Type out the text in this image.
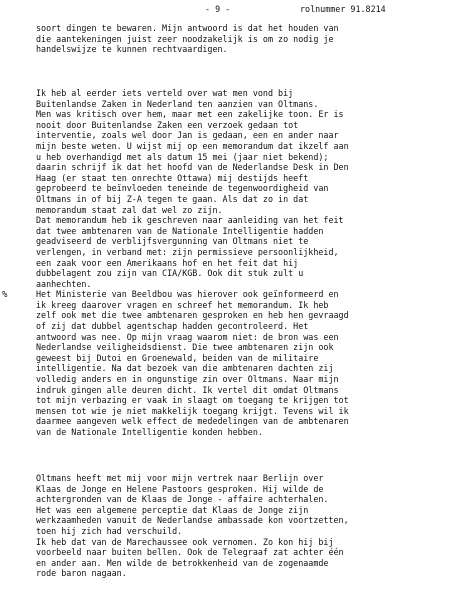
- 9 -

	rolnummer 91.8214

%
soort dingen te bewaren. Mijn antwoord is dat het houden van
die aantekeningen juist zeer noodzakelijk is om zo nodig je
handelswijze te kunnen rechtvaardigen.
Ik heb al eerder iets verteld over wat men vond bij
Buitenlandse Zaken in Nederland ten aanzien van Oltmans.
Men was kritisch over hem, maar met een zakelijke toon. Er is
nooit door Buitenlandse Zaken een verzoek gedaan tot
interventie, zoals wel door Jan is gedaan, een en ander naar
mijn beste weten. U wijst mij op een memorandum dat ikzelf aan
u heb overhandigd met als datum 15 mei (jaar niet bekend);
daarin schrijf ik dat het hoofd van de Nederlandse Desk in Den
Haag (er staat ten onrechte Ottawa) mij destijds heeft
geprobeerd te beïnvloeden teneinde de tegenwoordigheid van
Oltmans in of bij Z-A tegen te gaan. Als dat zo in dat
memorandum staat zal dat wel zo zijn.
Dat memorandum heb ik geschreven naar aanleiding van het feit
dat twee ambtenaren van de Nationale Intelligentie hadden
geadviseerd de verblijfsvergunning van Oltmans niet te
verlengen, in verband met: zijn permissieve persoonlijkheid,
een zaak voor een Amerikaans hof en het feit dat hij
dubbelagent zou zijn van CIA/KGB. Ook dit stuk zult u
aanhechten.
Het Ministerie van Beeldbou was hierover ook geïnformeerd en
ik kreeg daarover vragen en schreef het memorandum. Ik heb
zelf ook met die twee ambtenaren gesproken en heb hen gevraagd
of zij dat dubbel agentschap hadden gecontroleerd. Het
antwoord was nee. Op mijn vraag waarom niet: de bron was een
Nederlandse veiligheidsdienst. Die twee ambtenaren zijn ook
geweest bij Dutoi en Groenewald, beiden van de militaire
intelligentie. Na dat bezoek van die ambtenaren dachten zij
volledig anders en in ongunstige zin over Oltmans. Naar mijn
indruk gingen alle deuren dicht. Ik vertel dit omdat Oltmans
tot mijn verbazing er vaak in slaagt om toegang te krijgen tot
mensen tot wie je niet makkelijk toegang krijgt. Tevens wil ik
daarmee aangeven welk effect de mededelingen van de ambtenaren
van de Nationale Intelligentie konden hebben.
Oltmans heeft met mij voor mijn vertrek naar Berlijn over
Klaas de Jonge en Helene Pastoors gesproken. Hij wilde de
achtergronden van de Klaas de Jonge - affaire achterhalen.
Het was een algemene perceptie dat Klaas de Jonge zijn
werkzaamheden vanuit de Nederlandse ambassade kon voortzetten,
toen hij zich had verschuild.
Ik heb dat van de Marechaussee ook vernomen. Zo kon hij bij
voorbeeld naar buiten bellen. Ook de Telegraaf zat achter één
en ander aan. Men wilde de betrokkenheid van de zogenaamde
rode baron nagaan.
